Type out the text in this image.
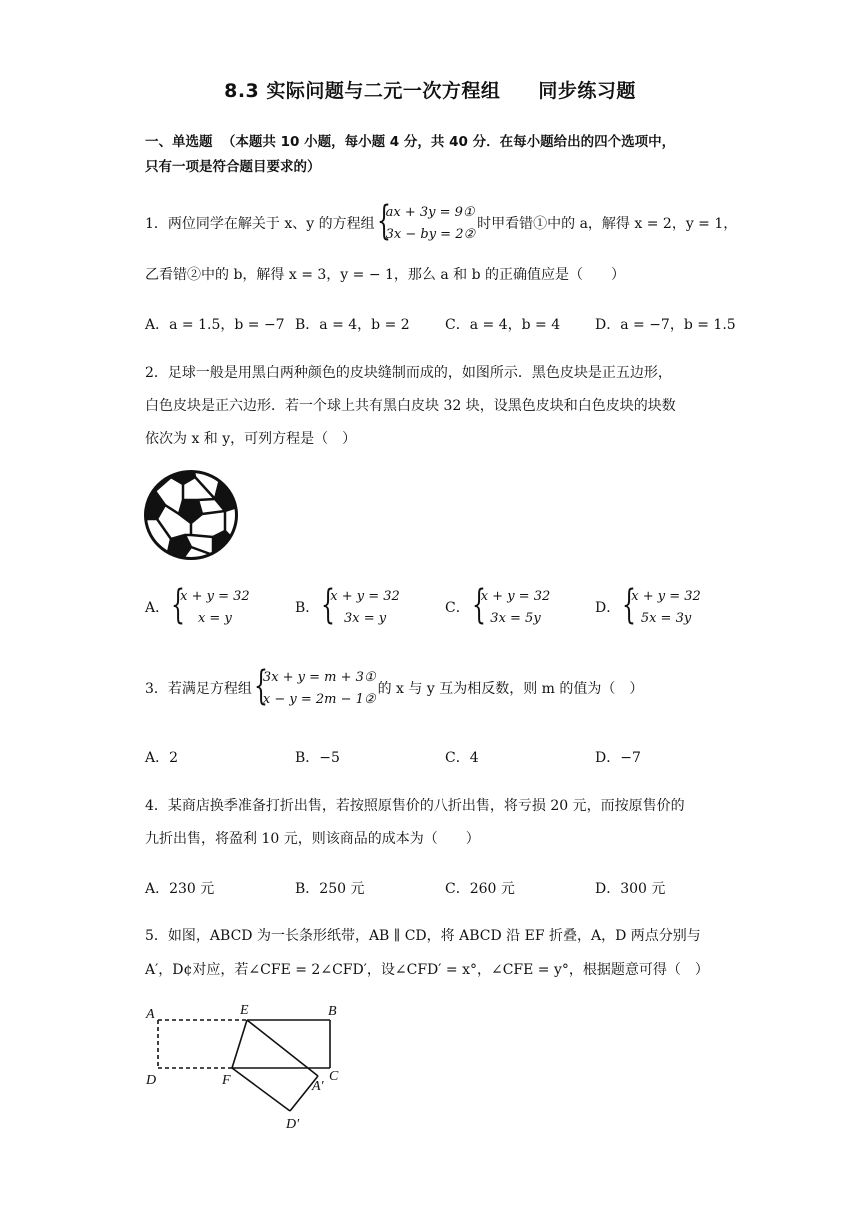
8.3 实际问题与二元一次方程组 同步练习题
一、单选题 （本题共 10 小题，每小题 4 分，共 40 分．在每小题给出的四个选项中，
只有一项是符合题目要求的）
1．两位同学在解关于 x、y 的方程组 {
ax + 3y = 9①
3x − by = 2②
时甲看错①中的 a，解得 x = 2，y = 1，
乙看错②中的 b，解得 x = 3，y = − 1，那么 a 和 b 的正确值应是（　　）
A．a = 1.5，b = −7 B．a = 4，b = 2	C．a = 4，b = 4 D．a = −7，b = 1.5
2．足球一般是用黑白两种颜色的皮块缝制而成的，如图所示．黑色皮块是正五边形，
白色皮块是正六边形．若一个球上共有黑白皮块 32 块，设黑色皮块和白色皮块的块数
依次为 x 和 y，可列方程是（　）
A． {
x + y = 32
x = y
B． {
x + y = 32
3x = y
C． {
x + y = 32
3x = 5y
D． {
x + y = 32
5x = 3y
3．若满足方程组 {
3x + y = m + 3①
x − y = 2m − 1②
的 x 与 y 互为相反数，则 m 的值为（　）
A．2	B．−5	C．4	D．−7
4．某商店换季准备打折出售，若按照原售价的八折出售，将亏损 20 元，而按原售价的
九折出售，将盈利 10 元，则该商品的成本为（　　）
A．230 元	B．250 元	C．260 元	D．300 元
5．如图，ABCD 为一长条形纸带，AB ∥ CD，将 ABCD 沿 EF 折叠，A，D 两点分别与
A′，D¢对应，若∠CFE = 2∠CFD′，设∠CFD′ = x°，∠CFE = y°，根据题意可得（　）
A	E	B
D	F	C
A′
D′
